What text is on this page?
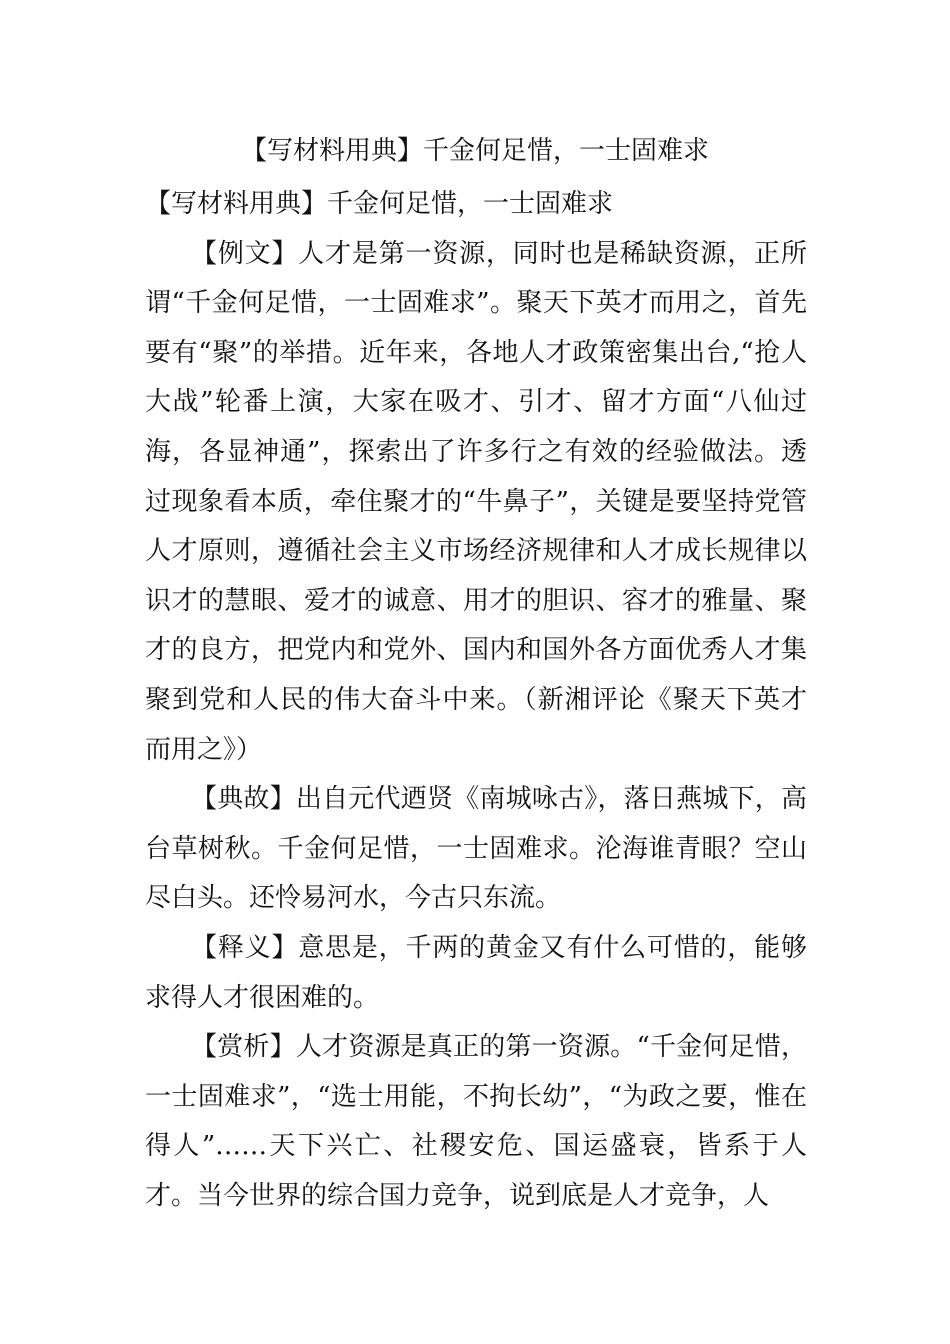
【写材料用典】千金何足惜，一士固难求

【写材料用典】千金何足惜，一士固难求

【例文】人才是第一资源，同时也是稀缺资源，正所谓“千金何足惜，一士固难求”。聚天下英才而用之，首先要有“聚”的举措。近年来，各地人才政策密集出台,“抢人大战”轮番上演，大家在吸才、引才、留才方面“八仙过海，各显神通”，探索出了许多行之有效的经验做法。透过现象看本质，牵住聚才的“牛鼻子”，关键是要坚持党管人才原则，遵循社会主义市场经济规律和人才成长规律以识才的慧眼、爱才的诚意、用才的胆识、容才的雅量、聚才的良方，把党内和党外、国内和国外各方面优秀人才集聚到党和人民的伟大奋斗中来。（新湘评论《聚天下英才而用之》）

【典故】出自元代迺贤《南城咏古》，落日燕城下，高台草树秋。千金何足惜，一士固难求。沦海谁青眼？空山尽白头。还怜易河水，今古只东流。

【释义】意思是，千两的黄金又有什么可惜的，能够求得人才很困难的。

【赏析】人才资源是真正的第一资源。“千金何足惜，一士固难求”，“选士用能，不拘长幼”，“为政之要，惟在得人”……天下兴亡、社稷安危、国运盛衰，皆系于人才。当今世界的综合国力竞争，说到底是人才竞争，人
